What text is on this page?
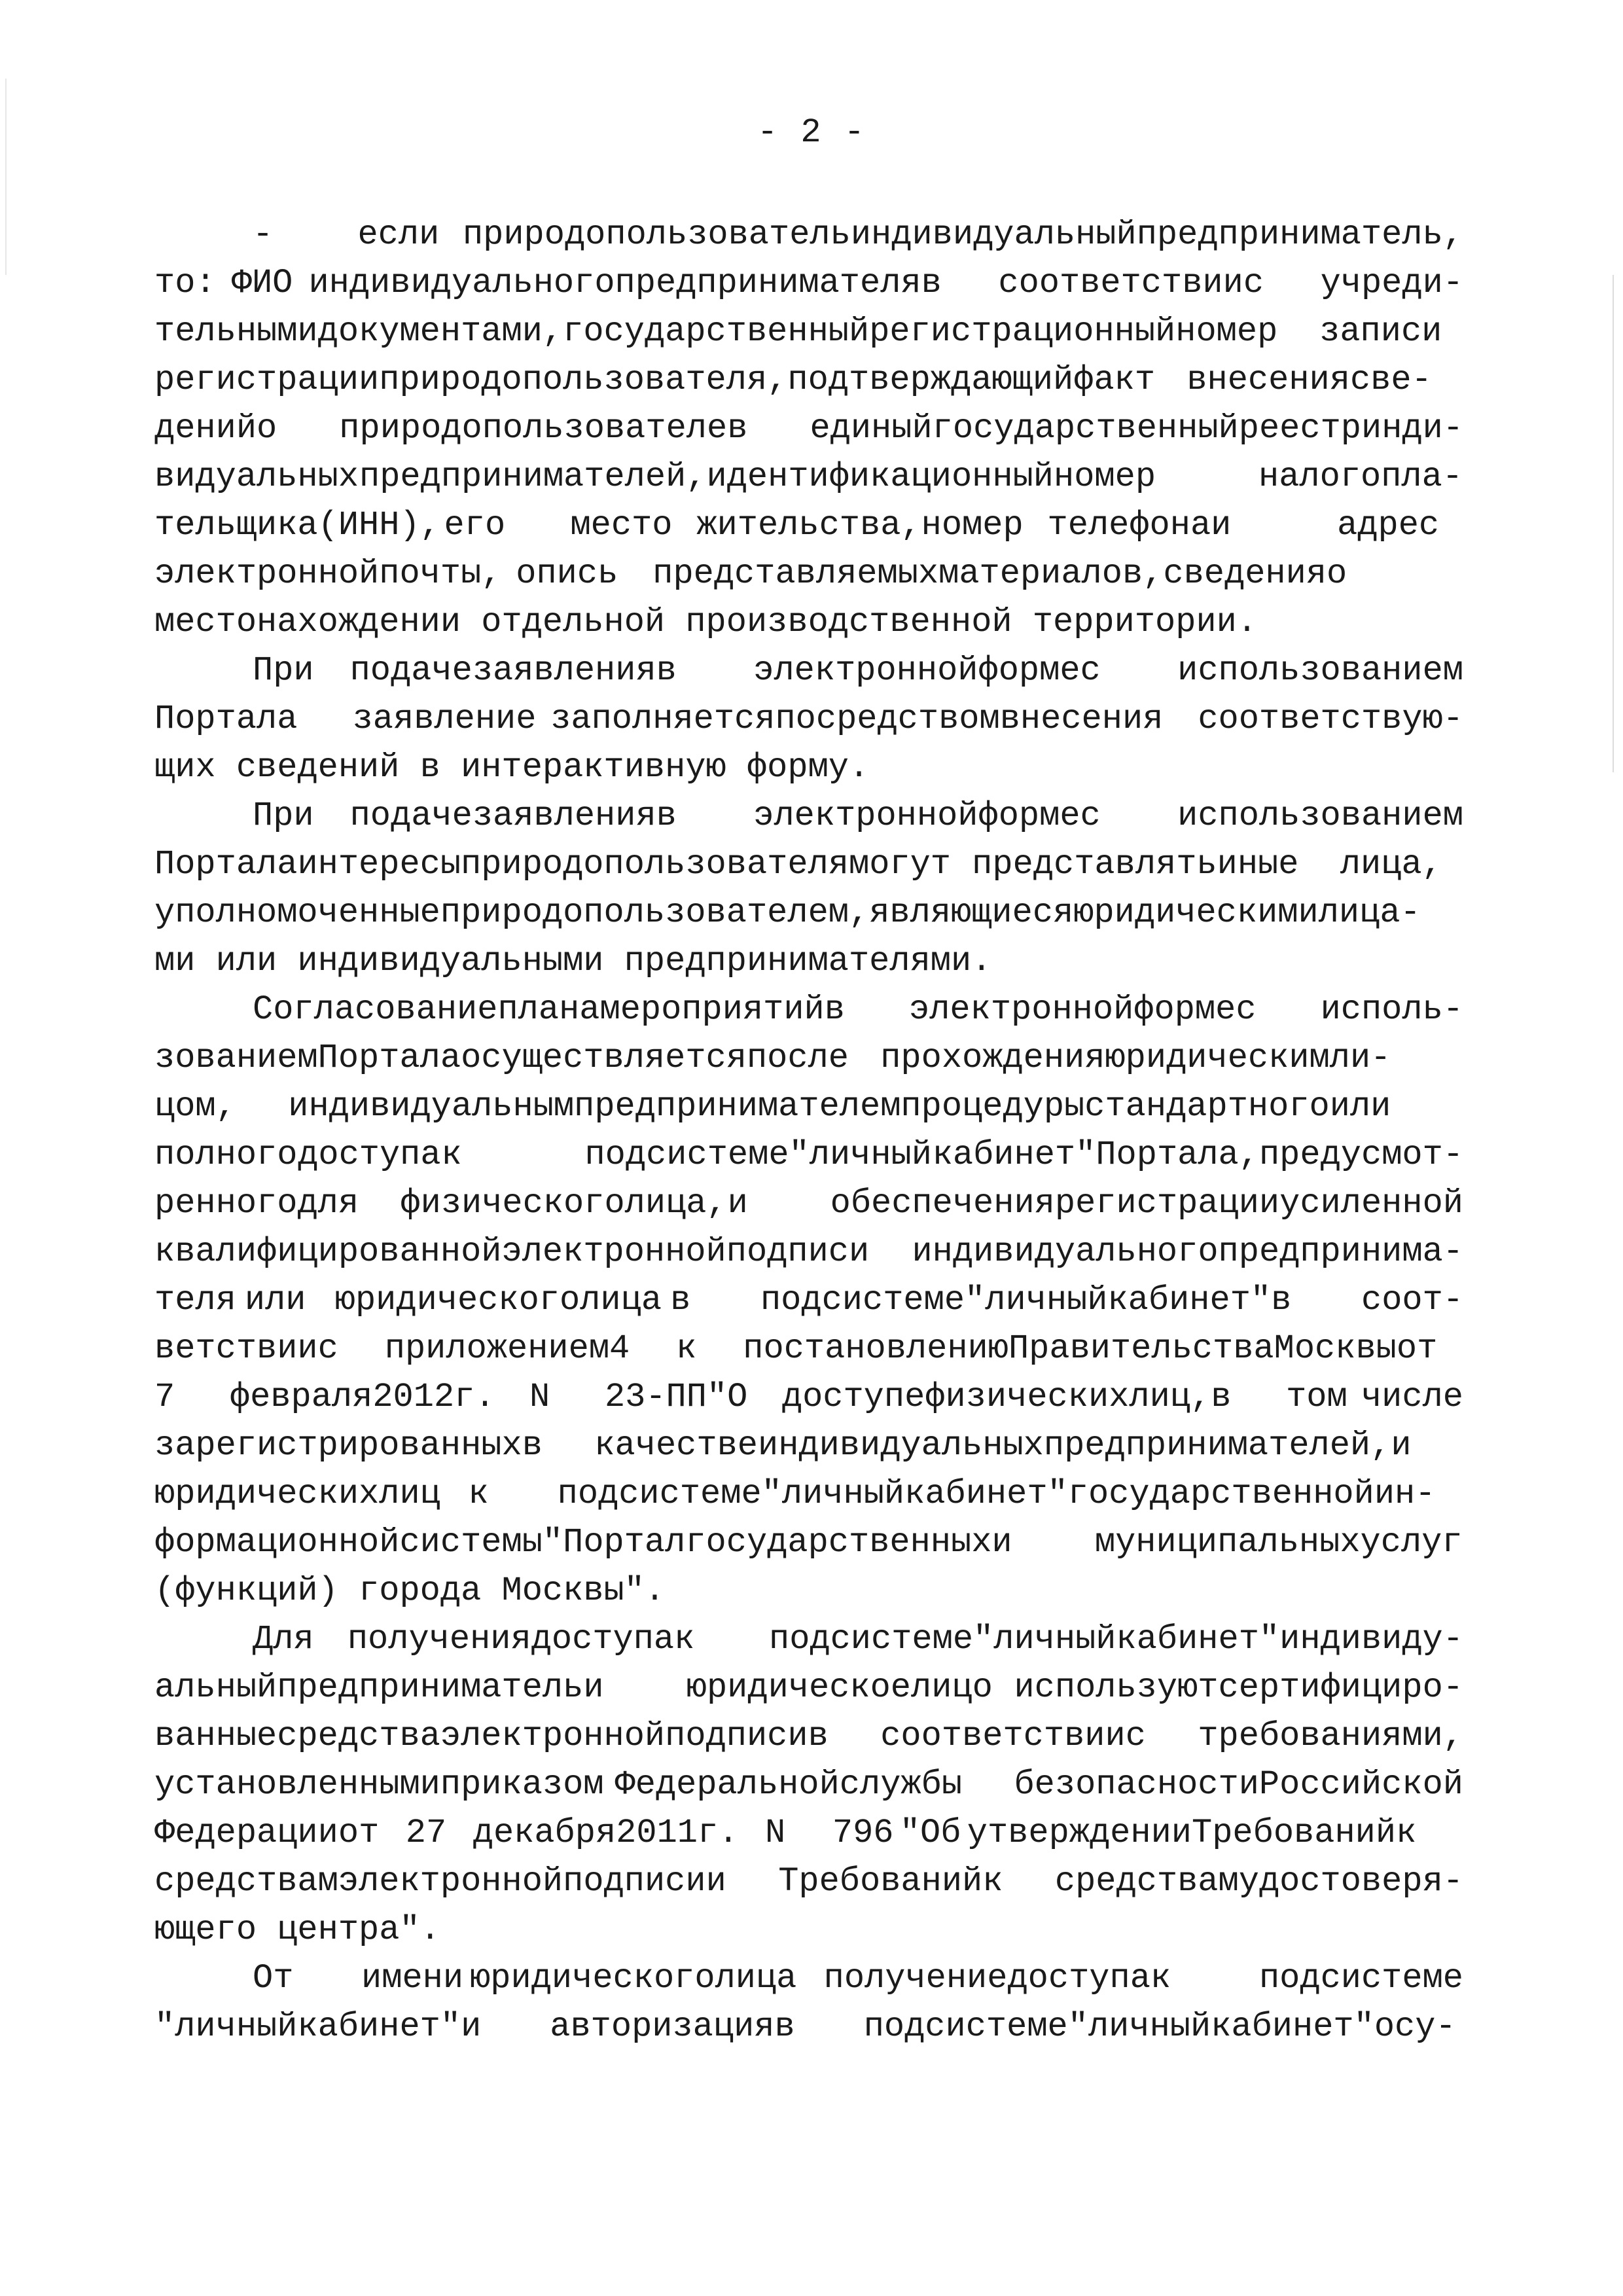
- 2 -
-	если природопользователь индивидуальный предприниматель,
то: ФИО индивидуального предпринимателя в	соответствии с	учреди-
тельными документами, государственный регистрационный номер	записи
регистрации природопользователя, подтверждающий факт внесения све-
дений о	природопользователе в	единый государственный реестр инди-
видуальных предпринимателей, идентификационный номер	налогопла-
тельщика (ИНН), его	место жительства, номер телефона и	адрес
электронной почты, опись	представляемых материалов, сведения о
местонахождении отдельной производственной территории.
При	подаче заявления в	электронной форме с	использованием
Портала	заявление заполняется посредством внесения	соответствую-
щих сведений в интерактивную форму.
При	подаче заявления в	электронной форме с	использованием
Портала интересы природопользователя могут представлять иные	лица,
уполномоченные природопользователем, являющиеся юридическими лица-
ми или индивидуальными предпринимателями.
Согласование плана мероприятий в	электронной форме с	исполь-
зованием Портала осуществляется после прохождения юридическим ли-
цом,	индивидуальным предпринимателем процедуры стандартного или
полного доступа к	подсистеме "личный кабинет" Портала, предусмот-
ренного для	физического лица, и	обеспечения регистрации усиленной
квалифицированной электронной подписи	индивидуального предпринима-
теля или юридического лица в	подсистеме "личный кабинет" в	соот-
ветствии с	приложением 4	к	постановлению Правительства Москвы от
7	февраля 2012 г.	N	23-ПП "О	доступе физических лиц, в	том числе
зарегистрированных в	качестве индивидуальных предпринимателей, и
юридических лиц к	подсистеме "личный кабинет" государственной ин-
формационной системы "Портал государственных и	муниципальных услуг
(функций) города Москвы".
Для получения доступа к	подсистеме "личный кабинет" индивиду-
альный предприниматель и	юридическое лицо используют сертифициро-
ванные средства электронной подписи в	соответствии с	требованиями,
установленными приказом Федеральной службы	безопасности Российской
Федерации от 27 декабря 2011 г. N	796 "Об утверждении Требований к
средствам электронной подписи и	Требований к	средствам удостоверя-
ющего центра".
От	имени юридического лица получение доступа к	подсистеме
"личный кабинет" и	авторизация в	подсистеме "личный кабинет" осу-
